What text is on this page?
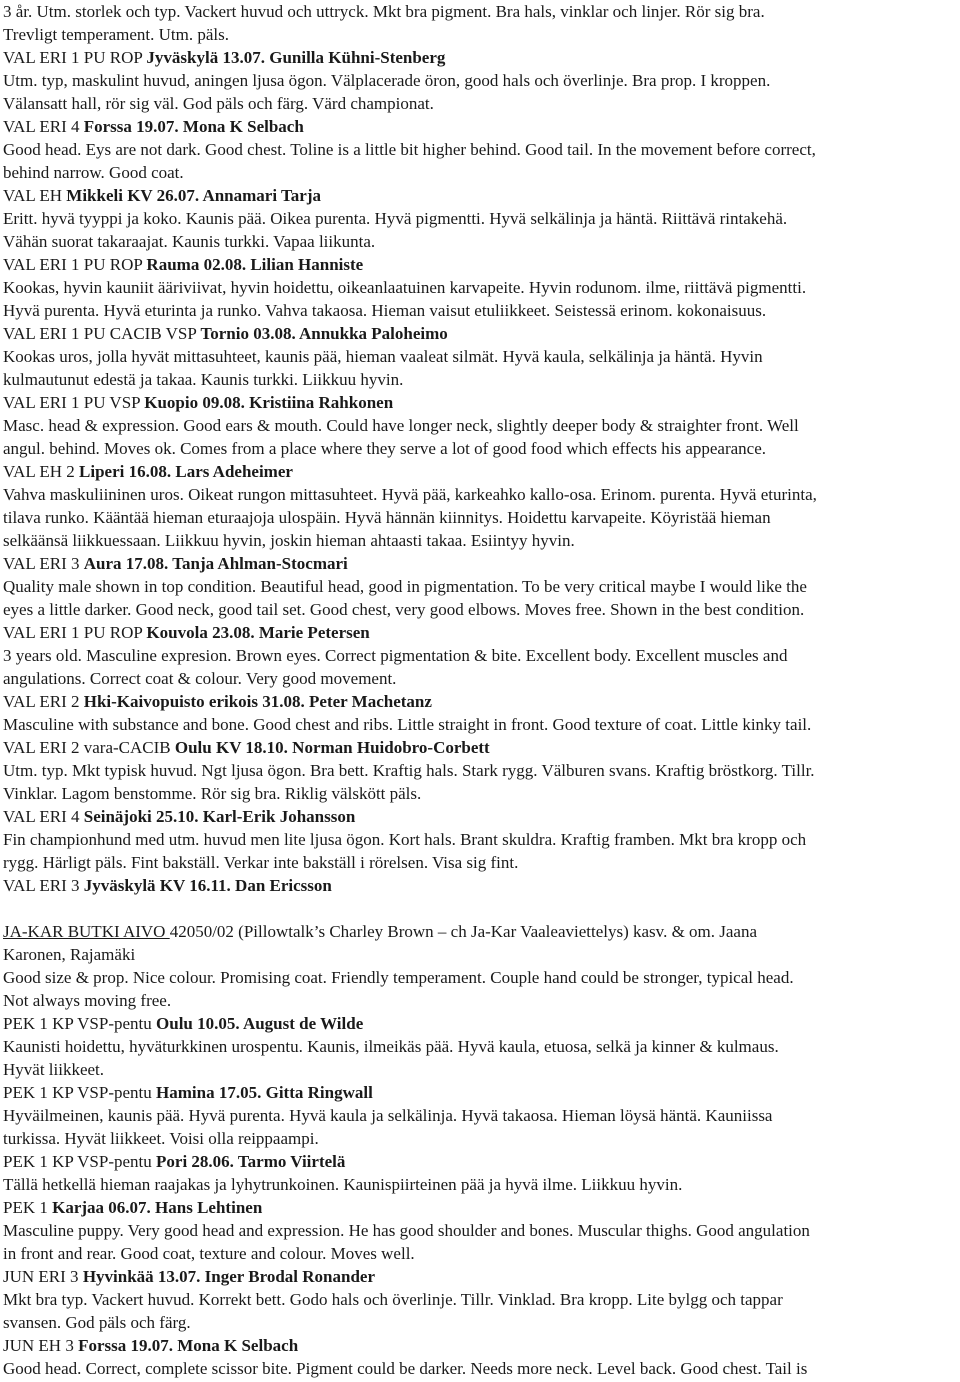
3 år. Utm. storlek och typ. Vackert huvud och uttryck. Mkt bra pigment. Bra hals, vinklar och linjer. Rör sig bra.
Trevligt temperament. Utm. päls.
VAL ERI 1 PU ROP Jyväskylä 13.07. Gunilla Kühni-Stenberg
Utm. typ, maskulint huvud, aningen ljusa ögon. Välplacerade öron, good hals och överlinje. Bra prop. I kroppen.
Välansatt hall, rör sig väl. God päls och färg. Värd championat.
VAL ERI 4 Forssa 19.07. Mona K Selbach
Good head. Eys are not dark. Good chest. Toline is a little bit higher behind. Good tail. In the movement before correct,
behind narrow. Good coat.
VAL EH Mikkeli KV 26.07. Annamari Tarja
Eritt. hyvä tyyppi ja koko. Kaunis pää. Oikea purenta. Hyvä pigmentti. Hyvä selkälinja ja häntä. Riittävä rintakehä.
Vähän suorat takaraajat. Kaunis turkki. Vapaa liikunta.
VAL ERI 1 PU ROP Rauma 02.08. Lilian Hanniste
Kookas, hyvin kauniit ääriviivat, hyvin hoidettu, oikeanlaatuinen karvapeite. Hyvin rodunom. ilme, riittävä pigmentti.
Hyvä purenta. Hyvä eturinta ja runko. Vahva takaosa. Hieman vaisut etuliikkeet. Seistessä erinom. kokonaisuus.
VAL ERI 1 PU CACIB VSP Tornio 03.08. Annukka Paloheimo
Kookas uros, jolla hyvät mittasuhteet, kaunis pää, hieman vaaleat silmät. Hyvä kaula, selkälinja ja häntä. Hyvin
kulmautunut edestä ja takaa. Kaunis turkki. Liikkuu hyvin.
VAL ERI 1 PU VSP Kuopio 09.08. Kristiina Rahkonen
Masc. head & expression. Good ears & mouth. Could have longer neck, slightly deeper body & straighter front. Well
angul. behind. Moves ok. Comes from a place where they serve a lot of good food which effects his appearance.
VAL EH 2 Liperi 16.08. Lars Adeheimer
Vahva maskuliininen uros. Oikeat rungon mittasuhteet. Hyvä pää, karkeahko kallo-osa. Erinom. purenta. Hyvä eturinta,
tilava runko. Kääntää hieman eturaajoja ulospäin. Hyvä hännän kiinnitys. Hoidettu karvapeite. Köyristää hieman
selkäänsä liikkuessaan. Liikkuu hyvin, joskin hieman ahtaasti takaa. Esiintyy hyvin.
VAL ERI 3 Aura 17.08. Tanja Ahlman-Stocmari
Quality male shown in top condition. Beautiful head, good in pigmentation. To be very critical maybe I would like the
eyes a little darker. Good neck, good tail set. Good chest, very good elbows. Moves free. Shown in the best condition.
VAL ERI 1 PU ROP Kouvola 23.08. Marie Petersen
3 years old. Masculine expresion. Brown eyes. Correct pigmentation & bite. Excellent body. Excellent muscles and
angulations. Correct coat & colour. Very good movement.
VAL ERI 2 Hki-Kaivopuisto erikois 31.08. Peter Machetanz
Masculine with substance and bone. Good chest and ribs. Little straight in front. Good texture of coat. Little kinky tail.
VAL ERI 2 vara-CACIB Oulu KV 18.10. Norman Huidobro-Corbett
Utm. typ. Mkt typisk huvud. Ngt ljusa ögon. Bra bett. Kraftig hals. Stark rygg. Välburen svans. Kraftig bröstkorg. Tillr.
Vinklar. Lagom benstomme. Rör sig bra. Riklig välskött päls.
VAL ERI 4 Seinäjoki 25.10. Karl-Erik Johansson
Fin championhund med utm. huvud men lite ljusa ögon. Kort hals. Brant skuldra. Kraftig framben. Mkt bra kropp och
rygg. Härligt päls. Fint bakställ. Verkar inte bakställ i rörelsen. Visa sig fint.
VAL ERI 3 Jyväskylä KV 16.11. Dan Ericsson
JA-KAR BUTKI AIVO 42050/02 (Pillowtalk’s Charley Brown – ch Ja-Kar Vaaleaviettelys) kasv. & om. Jaana
Karonen, Rajamäki
Good size & prop. Nice colour. Promising coat. Friendly temperament. Couple hand could be stronger, typical head.
Not always moving free.
PEK 1 KP VSP-pentu Oulu 10.05. August de Wilde
Kaunisti hoidettu, hyväturkkinen urospentu. Kaunis, ilmeikäs pää. Hyvä kaula, etuosa, selkä ja kinner & kulmaus.
Hyvät liikkeet.
PEK 1 KP VSP-pentu Hamina 17.05. Gitta Ringwall
Hyväilmeinen, kaunis pää. Hyvä purenta. Hyvä kaula ja selkälinja. Hyvä takaosa. Hieman löysä häntä. Kauniissa
turkissa. Hyvät liikkeet. Voisi olla reippaampi.
PEK 1 KP VSP-pentu Pori 28.06. Tarmo Viirtelä
Tällä hetkellä hieman raajakas ja lyhytrunkoinen. Kaunispiirteinen pää ja hyvä ilme. Liikkuu hyvin.
PEK 1 Karjaa 06.07. Hans Lehtinen
Masculine puppy. Very good head and expression. He has good shoulder and bones. Muscular thighs. Good angulation
in front and rear. Good coat, texture and colour. Moves well.
JUN ERI 3 Hyvinkää 13.07. Inger Brodal Ronander
Mkt bra typ. Vackert huvud. Korrekt bett. Godo hals och överlinje. Tillr. Vinklad. Bra kropp. Lite bylgg och tappar
svansen. God päls och färg.
JUN EH 3 Forssa 19.07. Mona K Selbach
Good head. Correct, complete scissor bite. Pigment could be darker. Needs more neck. Level back. Good chest. Tail is
